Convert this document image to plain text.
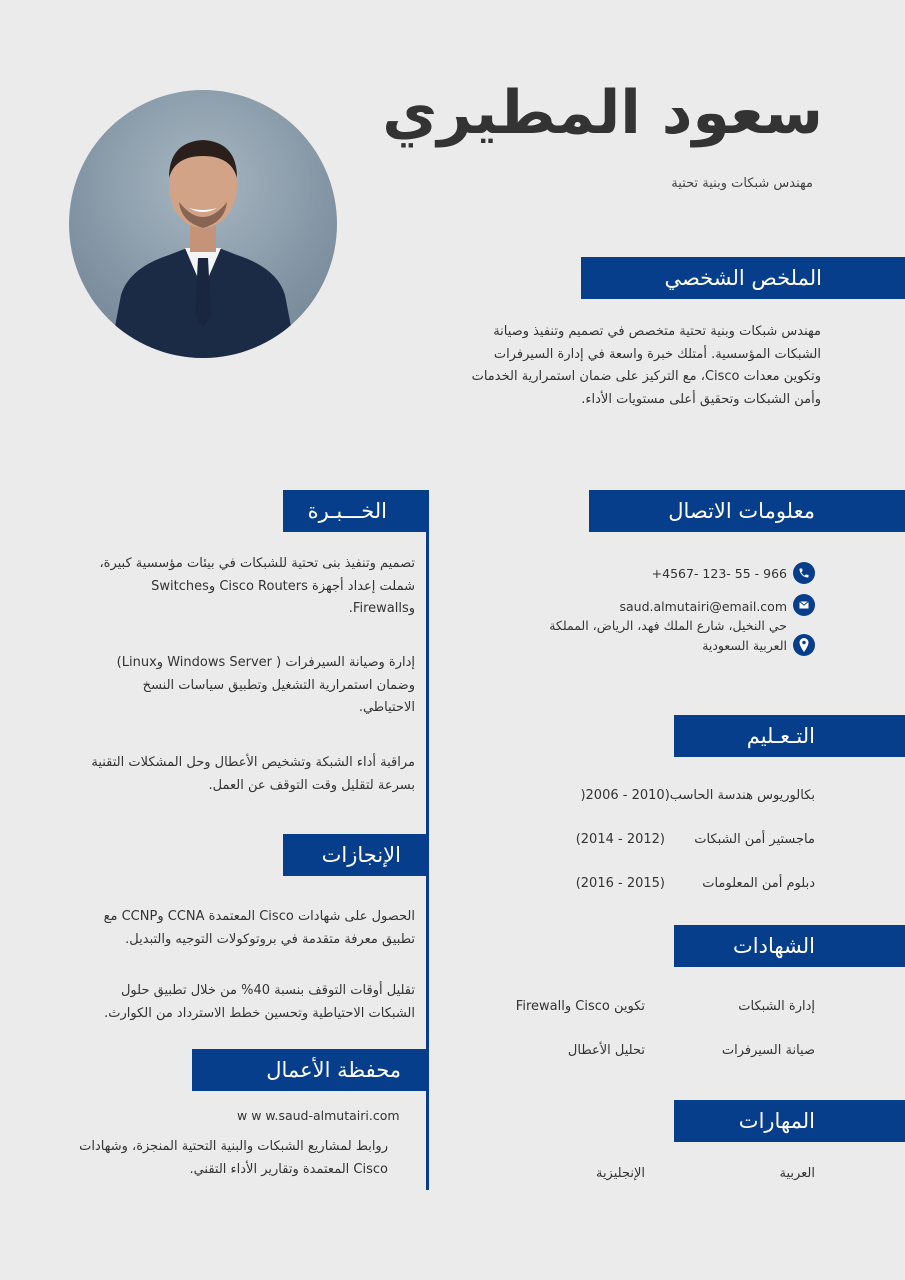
سعود المطيري
مهندس شبكات وبنية تحتية
الملخص الشخصي
مهندس شبكات وبنية تحتية متخصص في تصميم وتنفيذ وصيانة الشبكات المؤسسية. أمتلك خبرة واسعة في إدارة السيرفرات وتكوين معدات Cisco، مع التركيز على ضمان استمرارية الخدمات وأمن الشبكات وتحقيق أعلى مستويات الأداء.
معلومات الاتصال
+4567- 123- 55 - 966
saud.almutairi@email.com
حي النخيل، شارع الملك فهد، الرياض، المملكة العربية السعودية
التـعـليم
بكالوريوس هندسة الحاسب(2010 - 2006(
ماجستير أمن الشبكات
(2014 - 2012)
دبلوم أمن المعلومات
(2016 - 2015)
الشهادات
إدارة الشبكات
تكوين Cisco وFirewall
صيانة السيرفرات
تحليل الأعطال
المهارات
العربية
الإنجليزية
الخـــبـرة
تصميم وتنفيذ بنى تحتية للشبكات في بيئات مؤسسية كبيرة، شملت إعداد أجهزة Cisco Routers وSwitches وFirewalls.
إدارة وصيانة السيرفرات ( Windows Server وLinux) وضمان استمرارية التشغيل وتطبيق سياسات النسخ الاحتياطي.
مراقبة أداء الشبكة وتشخيص الأعطال وحل المشكلات التقنية بسرعة لتقليل وقت التوقف عن العمل.
الإنجازات
الحصول على شهادات Cisco المعتمدة CCNA وCCNP مع تطبيق معرفة متقدمة في بروتوكولات التوجيه والتبديل.
تقليل أوقات التوقف بنسبة 40% من خلال تطبيق حلول الشبكات الاحتياطية وتحسين خطط الاسترداد من الكوارث.
محفظة الأعمال
w w w.saud-almutairi.com
روابط لمشاريع الشبكات والبنية التحتية المنجزة، وشهادات Cisco المعتمدة وتقارير الأداء التقني.
